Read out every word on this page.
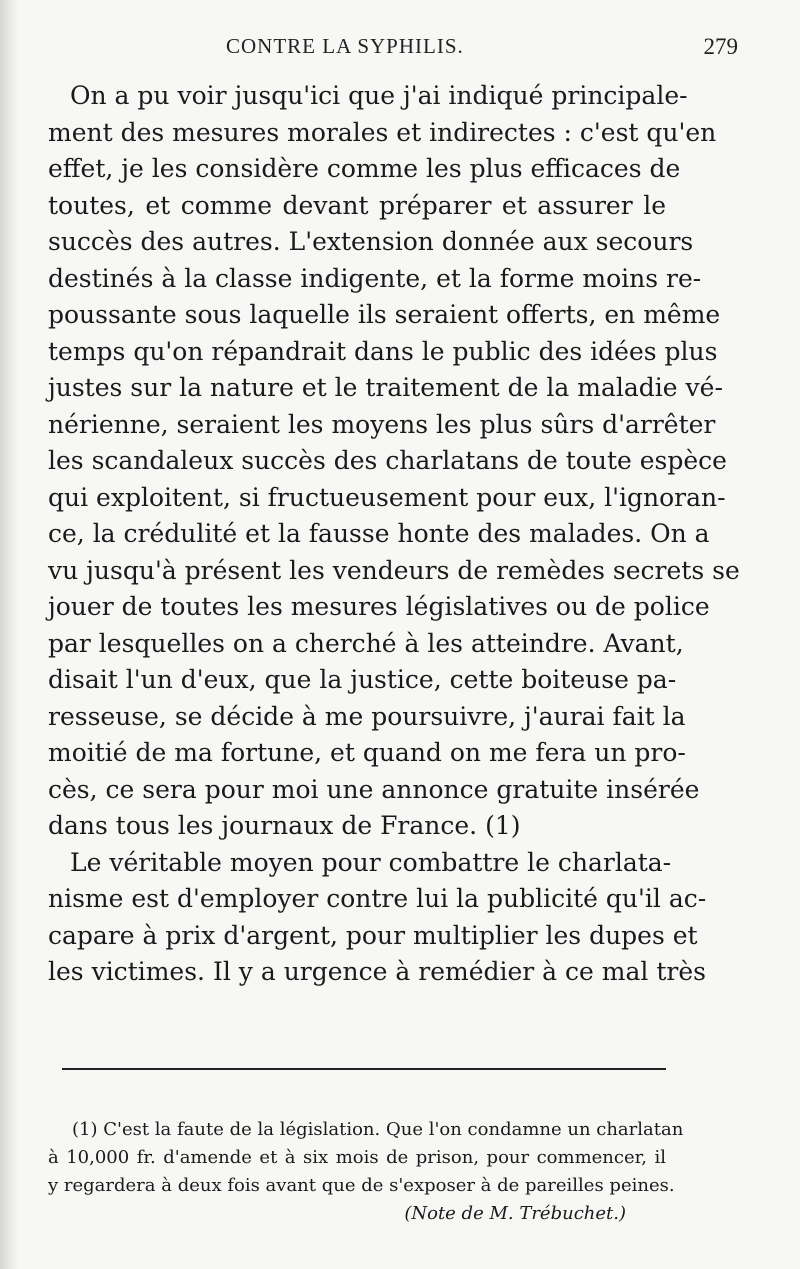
CONTRE LA SYPHILIS.	279
On a pu voir jusqu'ici que j'ai indiqué principale-
ment des mesures morales et indirectes : c'est qu'en
effet, je les considère comme les plus efficaces de
toutes, et comme devant préparer et assurer le
succès des autres. L'extension donnée aux secours
destinés à la classe indigente, et la forme moins re-
poussante sous laquelle ils seraient offerts, en même
temps qu'on répandrait dans le public des idées plus
justes sur la nature et le traitement de la maladie vé-
nérienne, seraient les moyens les plus sûrs d'arrêter
les scandaleux succès des charlatans de toute espèce
qui exploitent, si fructueusement pour eux, l'ignoran-
ce, la crédulité et la fausse honte des malades. On a
vu jusqu'à présent les vendeurs de remèdes secrets se
jouer de toutes les mesures législatives ou de police
par lesquelles on a cherché à les atteindre. Avant,
disait l'un d'eux, que la justice, cette boiteuse pa-
resseuse, se décide à me poursuivre, j'aurai fait la
moitié de ma fortune, et quand on me fera un pro-
cès, ce sera pour moi une annonce gratuite insérée
dans tous les journaux de France. (1)
Le véritable moyen pour combattre le charlata-
nisme est d'employer contre lui la publicité qu'il ac-
capare à prix d'argent, pour multiplier les dupes et
les victimes. Il y a urgence à remédier à ce mal très
(1) C'est la faute de la législation. Que l'on condamne un charlatan
à 10,000 fr. d'amende et à six mois de prison, pour commencer, il
y regardera à deux fois avant que de s'exposer à de pareilles peines.
(Note de M. Trébuchet.)
